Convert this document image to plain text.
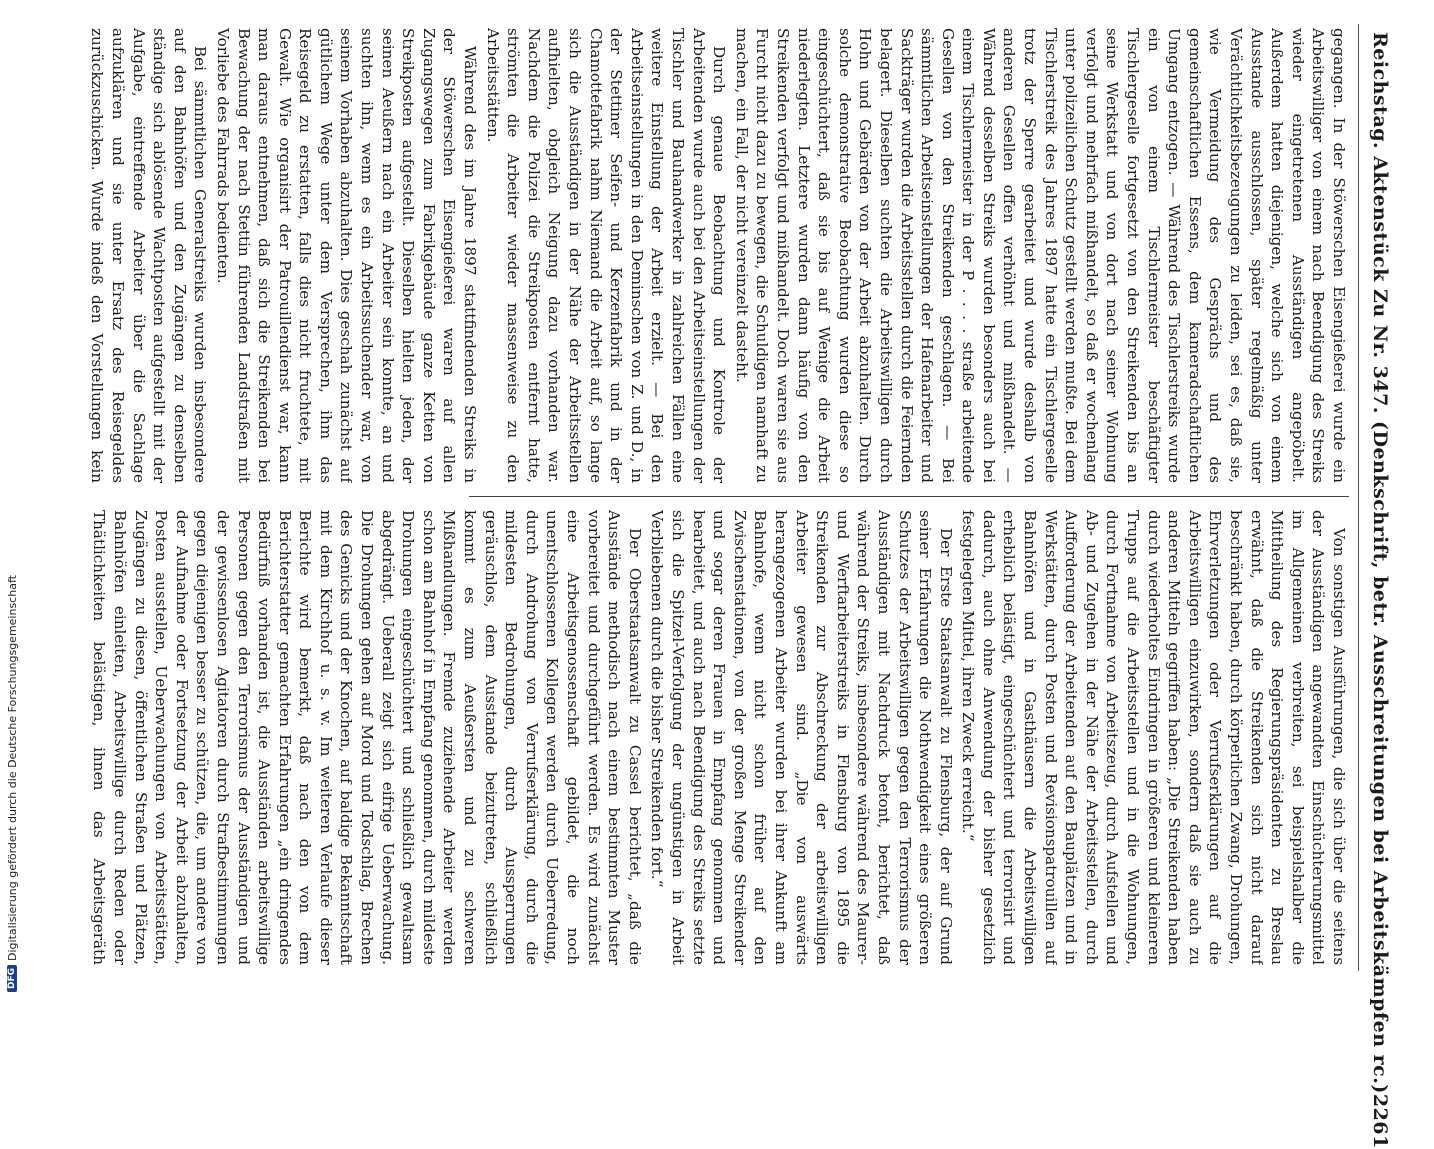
Reichstag. Aktenstück Zu Nr. 347. (Denkschrift, betr. Ausschreitungen bei Arbeitskämpfen rc.)
2261

gegangen. In der Stöwerschen Eisengießerei wurde ein Arbeitswilliger von einem nach Beendigung des Streiks wieder eingetretenen Ausständigen angepöbelt. Außerdem hatten diejenigen, welche sich von einem Ausstande ausschlossen, später regelmäßig unter Verächtlichkeitsbezeugungen zu leiden, sei es, daß sie, wie Vermeidung des Gesprächs und des gemeinschaftlichen Essens, dem kameradschaftlichen Umgang entzogen. — Während des Tischlerstreiks wurde ein von einem Tischlermeister beschäftigter Tischlergeselle fortgesetzt von den Streikenden bis an seine Werkstatt und von dort nach seiner Wohnung verfolgt und mehrfach mißhandelt, so daß er wochenlang unter polizeilichen Schutz gestellt werden mußte. Bei dem Tischlerstreik des Jahres 1897 hatte ein Tischlergeselle trotz der Sperre gearbeitet und wurde deshalb von anderen Gesellen offen verhöhnt und mißhandelt. — Während desselben Streiks wurden besonders auch bei einem Tischlermeister in der P . . . . straße arbeitende Gesellen von den Streikenden geschlagen. — Bei sämmtlichen Arbeitseinstellungen der Hafenarbeiter und Sackträger wurden die Arbeitsstellen durch die Feiernden belagert. Dieselben suchten die Arbeitswilligen durch Hohn und Gebärden von der Arbeit abzuhalten. Durch solche demonstrative Beobachtung wurden diese so eingeschüchtert, daß sie bis auf Wenige die Arbeit niederlegten. Letztere wurden dann häufig von den Streikenden verfolgt und mißhandelt. Doch waren sie aus Furcht nicht dazu zu bewegen, die Schuldigen namhaft zu machen, ein Fall, der nicht vereinzelt dasteht.

Durch genaue Beobachtung und Kontrole der Arbeitenden wurde auch bei den Arbeitseinstellungen der Tischler und Bauhandwerker in zahlreichen Fällen eine weitere Einstellung der Arbeit erzielt. — Bei den Arbeitseinstellungen in den Deminschen von Z. und D., in der Stettiner Seifen- und Kerzenfabrik und in der Chamottefabrik nahm Niemand die Arbeit auf, so lange sich die Ausständigen in der Nähe der Arbeitsstellen aufhielten, obgleich Neigung dazu vorhanden war. Nachdem die Polizei die Streikposten entfernt hatte, strömten die Arbeiter wieder massenweise zu den Arbeitsstätten.

Während des im Jahre 1897 stattfindenden Streiks in der Stöwerschen Eisengießerei waren auf allen Zugangswegen zum Fabrikgebäude ganze Ketten von Streikposten aufgestellt. Dieselben hielten jeden, der seinen Aeußern nach ein Arbeiter sein konnte, an und suchten ihn, wenn es ein Arbeitssuchender war, von seinem Vorhaben abzuhalten. Dies geschah zunächst auf gütlichem Wege unter dem Versprechen, ihm das Reisegeld zu erstatten, falls dies nicht fruchtete, mit Gewalt. Wie organisirt der Patrouillendienst war, kann man daraus entnehmen, daß sich die Streikenden bei Bewachung der nach Stettin führenden Landstraßen mit Vorliebe des Fahrrads bedienten.

Bei sämmtlichen Generalstreiks wurden insbesondere auf den Bahnhöfen und den Zugängen zu denselben ständige sich ablösende Wachtposten aufgestellt mit der Aufgabe, eintreffende Arbeiter über die Sachlage aufzuklären und sie unter Ersatz des Reisegeldes zurückzuschicken. Wurde indeß den Vorstellungen kein

Von sonstigen Ausführungen, die sich über die seitens der Ausständigen angewandten Einschüchterungsmittel im Allgemeinen verbreiten, sei beispielshalber die Mittheilung des Regierungspräsidenten zu Breslau erwähnt, daß die Streikenden sich nicht darauf beschränkt haben, durch körperlichen Zwang, Drohungen, Ehrverletzungen oder Verrufserklärungen auf die Arbeitswilligen einzuwirken, sondern daß sie auch zu anderen Mitteln gegriffen haben: „Die Streikenden haben durch wiederholtes Eindringen in größeren und kleineren Trupps auf die Arbeitsstellen und in die Wohnungen, durch Fortnahme von Arbeitszeug, durch Aufstellen und Ab- und Zugehen in der Nähe der Arbeitsstellen, durch Aufforderung der Arbeitenden auf den Bauplätzen und in Werkstätten, durch Posten und Revisionspatrouillen auf Bahnhöfen und in Gasthäusern die Arbeitswilligen erheblich belästigt, eingeschüchtert und terrorisirt und dadurch, auch ohne Anwendung der bisher gesetzlich festgelegten Mittel, ihren Zweck erreicht.“

Der Erste Staatsanwalt zu Flensburg, der auf Grund seiner Erfahrungen die Nothwendigkeit eines größeren Schutzes der Arbeitswilligen gegen den Terrorismus der Ausständigen mit Nachdruck betont, berichtet, daß während der Streiks, insbesondere während des Maurer- und Werftarbeiterstreiks in Flensburg von 1895 die Streikenden zur Abschreckung der arbeitswilligen Arbeiter gewesen sind. „Die von auswärts herangezogenen Arbeiter wurden bei ihrer Ankunft am Bahnhofe, wenn nicht schon früher auf den Zwischenstationen, von der großen Menge Streikender und sogar deren Frauen in Empfang genommen und bearbeitet, und auch nach Beendigung des Streiks setzte sich die Spitzel-Verfolgung der ungünstigen in Arbeit Verbliebenen durch die bisher Streikenden fort.“

Der Oberstaatsanwalt zu Cassel berichtet, „daß die Ausstände methodisch nach einem bestimmten Muster vorbereitet und durchgeführt werden. Es wird zunächst eine Arbeitsgenossenschaft gebildet, die noch unentschlossenen Kollegen werden durch Ueberredung, durch Androhung von Verrufserklärung, durch die mildesten Bedrohungen, durch Aussperrungen geräuschlos, dem Ausstande beizutreten, schließlich kommt es zum Aeußersten und zu schweren Mißhandlungen. Fremde zuziehende Arbeiter werden schon am Bahnhof in Empfang genommen, durch mildeste Drohungen eingeschüchtert und schließlich gewaltsam abgedrängt. Ueberall zeigt sich eifrige Ueberwachung. Die Drohungen gehen auf Mord und Todschlag, Brechen des Genicks und der Knochen, auf baldige Bekanntschaft mit dem Kirchhof u. s. w. Im weiteren Verlaufe dieser Berichte wird bemerkt, daß nach den von dem Berichterstatter gemachten Erfahrungen „ein dringendes Bedürfniß vorhanden ist, die Ausständen arbeitswillige Personen gegen den Terrorismus der Ausständigen und der gewissenlosen Agitatoren durch Strafbestimmungen gegen diejenigen besser zu schützen, die, um andere von der Aufnahme oder Fortsetzung der Arbeit abzuhalten, Posten ausstellen, Ueberwachungen von Arbeitsstätten, Zugängen zu diesen, öffentlichen Straßen und Plätzen, Bahnhöfen einleiten, Arbeitswillige durch Reden oder Thätlichkeiten belästigen, ihnen das Arbeitsgeräth

DFG
Digitalisierung gefördert durch die Deutsche Forschungsgemeinschaft
